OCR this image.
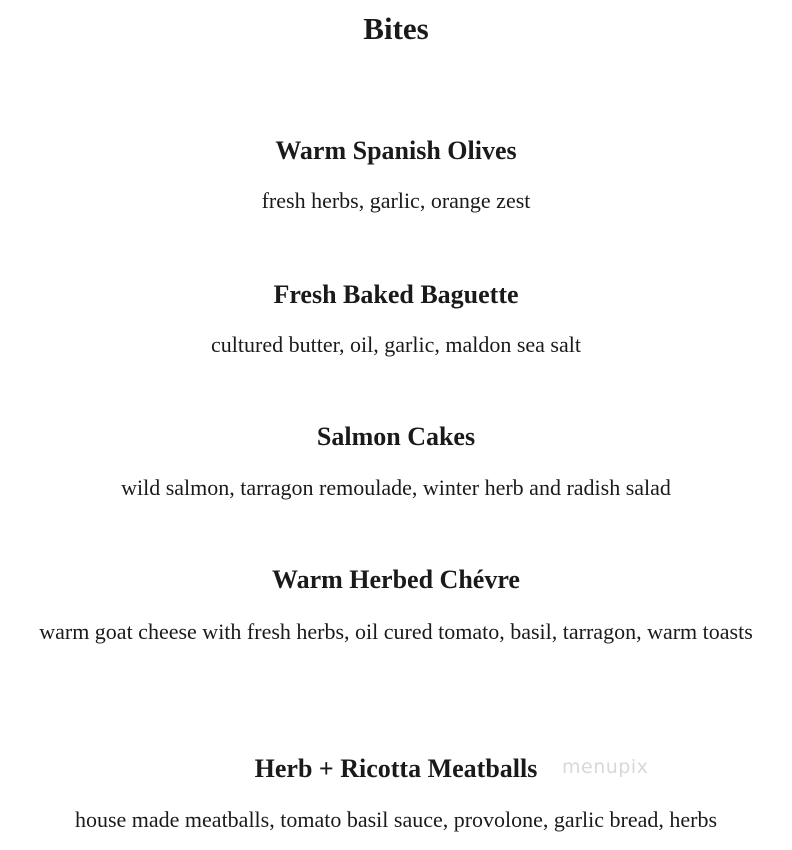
Bites
Warm Spanish Olives

fresh herbs, garlic, orange zest

Fresh Baked Baguette

cultured butter, oil, garlic, maldon sea salt

Salmon Cakes

wild salmon, tarragon remoulade, winter herb and radish salad

Warm Herbed Chévre

warm goat cheese with fresh herbs, oil cured tomato, basil, tarragon, warm toasts

Herb + Ricotta Meatballs

house made meatballs, tomato basil sauce, provolone, garlic bread, herbs

menupix
